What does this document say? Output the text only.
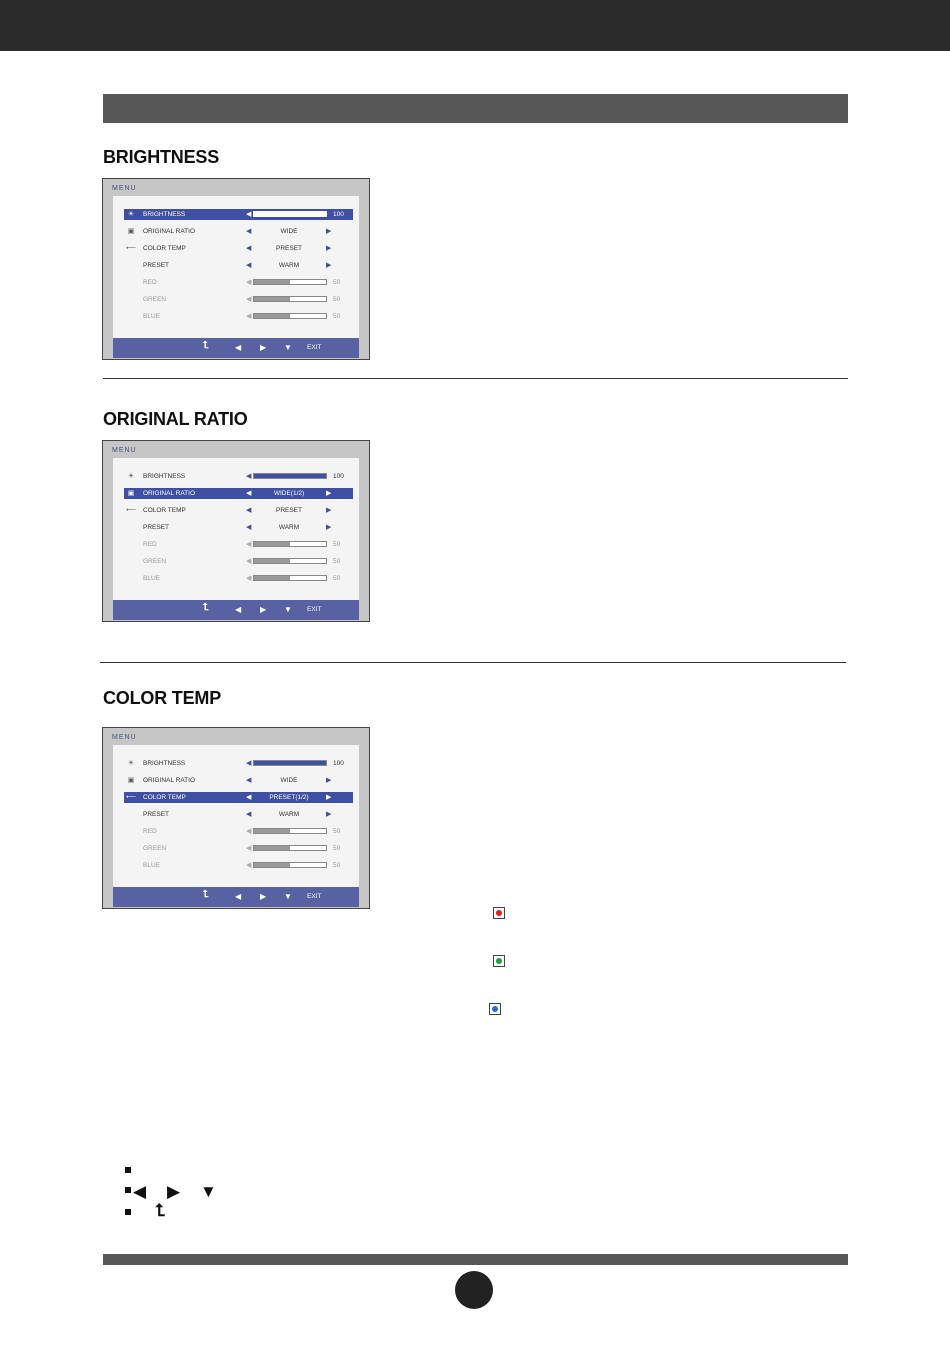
BRIGHTNESS
MENU
☀ BRIGHTNESS	◀	▶ 100
▣ ORIGINAL RATIO	◀	WIDE	▶
⟵ COLOR TEMP	◀	PRESET	▶
PRESET	◀	WARM	▶
RED	◀	50
GREEN	◀	50
BLUE	◀	50
⮤	◀ ▶ ▼ EXIT
ORIGINAL RATIO
MENU
☀ BRIGHTNESS	◀	100
▣ ORIGINAL RATIO	◀	WIDE(1/2)	▶
⟵ COLOR TEMP	◀	PRESET	▶
PRESET	◀	WARM	▶
RED	◀	50
GREEN	◀	50
BLUE	◀	50
⮤	◀ ▶ ▼ EXIT
COLOR TEMP
MENU
☀ BRIGHTNESS	◀	100
▣ ORIGINAL RATIO	◀	WIDE	▶
⟵ COLOR TEMP	◀	PRESET(1/2)	▶
PRESET	◀	WARM	▶
RED	◀	50
GREEN	◀	50
BLUE	◀	50
⮤	◀ ▶ ▼ EXIT
◀ ▶ ▼
⮤
